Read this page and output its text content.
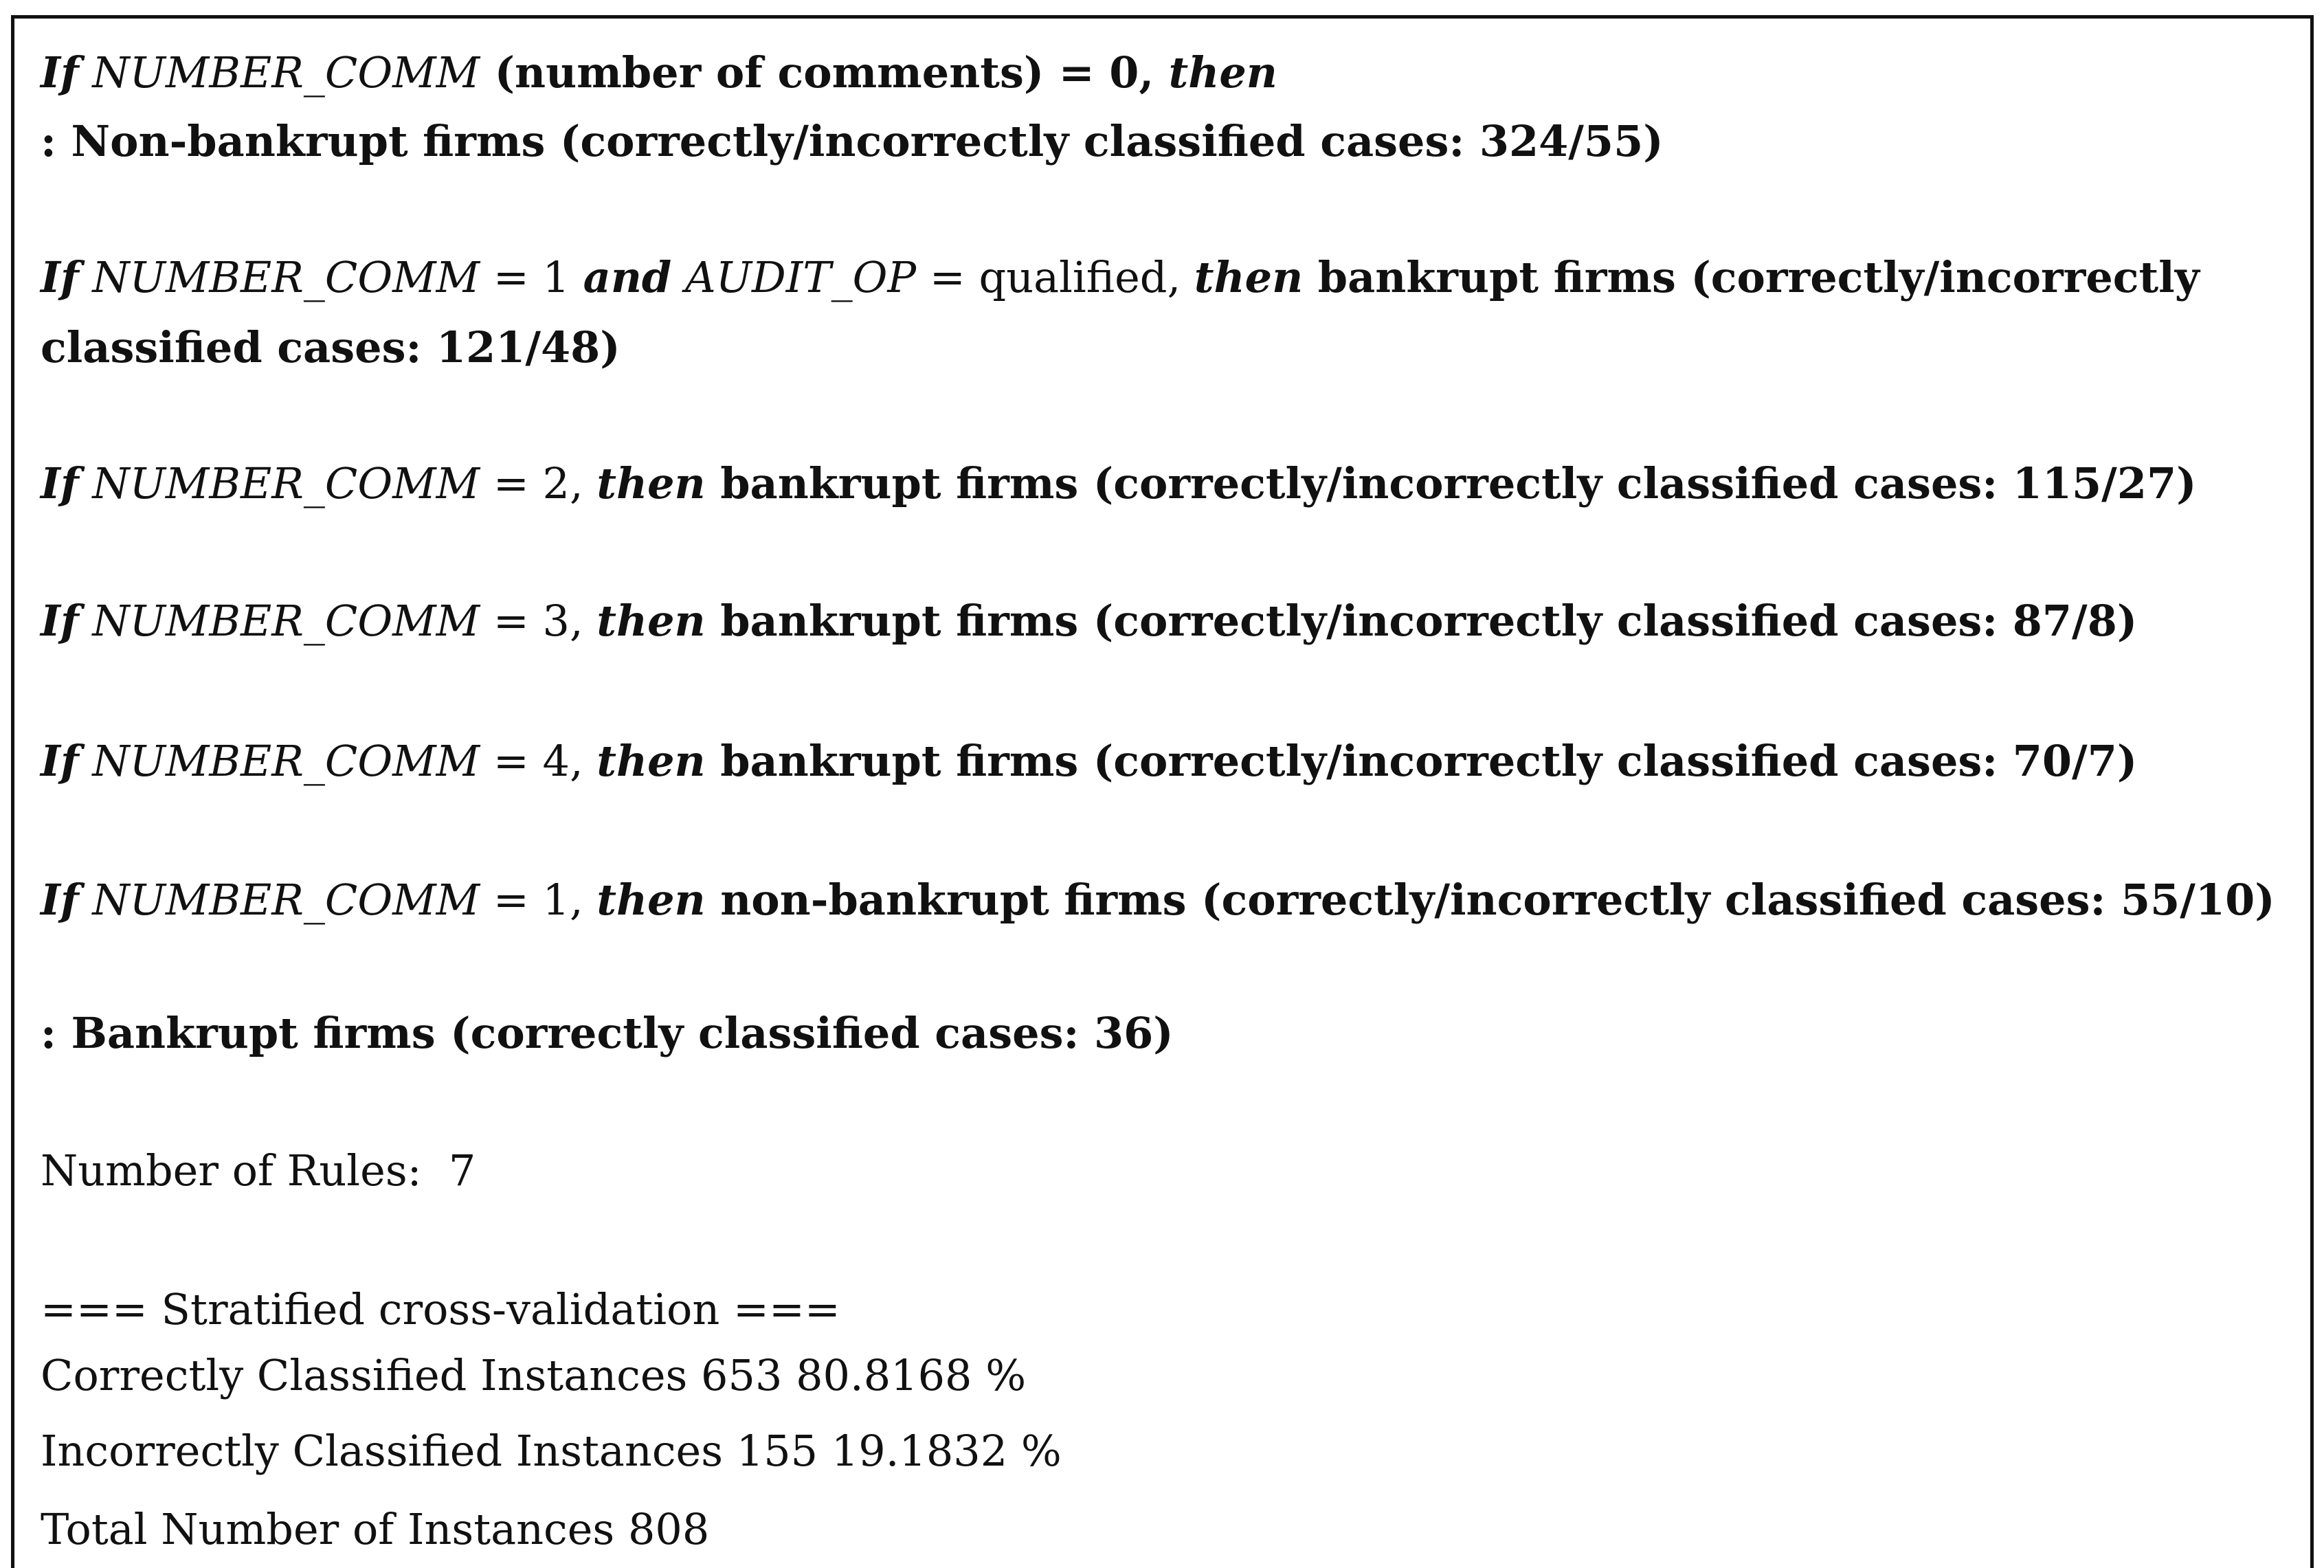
If NUMBER_COMM (number of comments) = 0, then
: Non-bankrupt firms (correctly/incorrectly classified cases: 324/55)
If NUMBER_COMM = 1 and AUDIT_OP = qualified, then bankrupt firms (correctly/incorrectly
classified cases: 121/48)
If NUMBER_COMM = 2, then bankrupt firms (correctly/incorrectly classified cases: 115/27)
If NUMBER_COMM = 3, then bankrupt firms (correctly/incorrectly classified cases: 87/8)
If NUMBER_COMM = 4, then bankrupt firms (correctly/incorrectly classified cases: 70/7)
If NUMBER_COMM = 1, then non-bankrupt firms (correctly/incorrectly classified cases: 55/10)
: Bankrupt firms (correctly classified cases: 36)
Number of Rules:  7
=== Stratified cross-validation ===
Correctly Classified Instances 653 80.8168 %
Incorrectly Classified Instances 155 19.1832 %
Total Number of Instances 808
